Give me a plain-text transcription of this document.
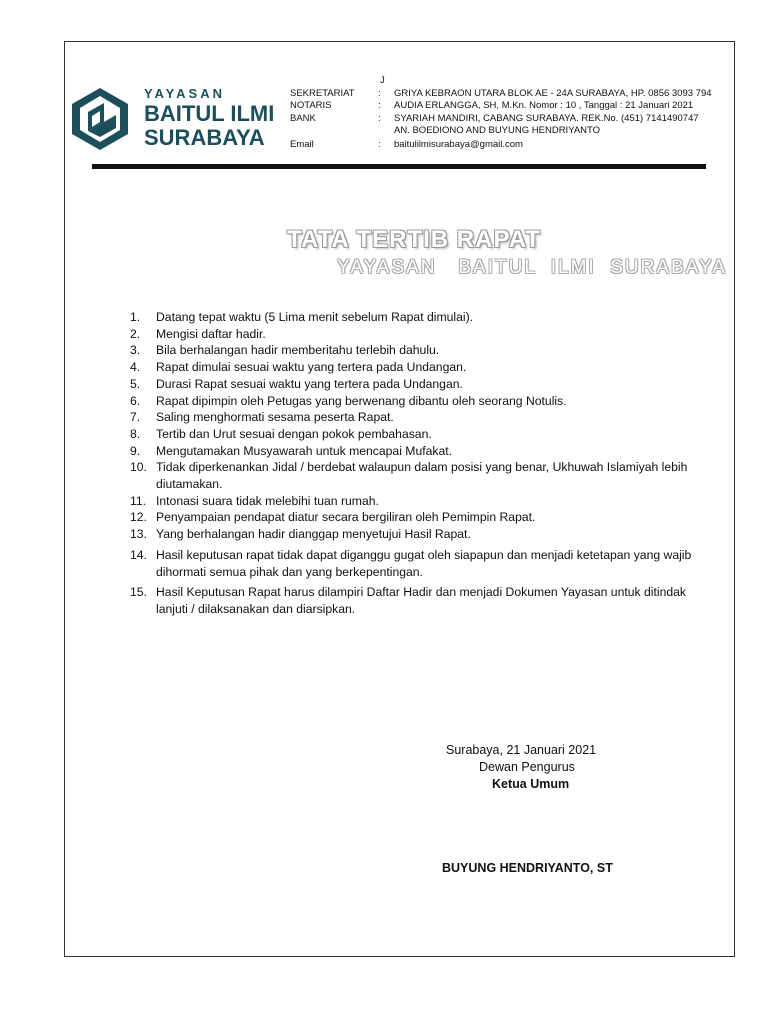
YAYASAN
BAITUL ILMI
SURABAYA
J
SEKRETARIAT : GRIYA KEBRAON UTARA BLOK AE - 24A SURABAYA, HP. 0856 3093 794
NOTARIS	: AUDIA ERLANGGA, SH, M.Kn. Nomor : 10 , Tanggal : 21 Januari 2021
BANK	: SYARIAH MANDIRI, CABANG SURABAYA. REK.No. (451) 7141490747
AN. BOEDIONO AND BUYUNG HENDRIYANTO
Email	: baitulilmisurabaya@gmail.com
TATA TERTIB RAPAT
YAYASAN   BAITUL  ILMI  SURABAYA
1.	Datang tepat waktu (5 Lima menit sebelum Rapat dimulai).
2.	Mengisi daftar hadir.
3.	Bila berhalangan hadir memberitahu terlebih dahulu.
4.	Rapat dimulai sesuai waktu yang tertera pada Undangan.
5.	Durasi Rapat sesuai waktu yang tertera pada Undangan.
6.	Rapat dipimpin oleh Petugas yang berwenang dibantu oleh seorang Notulis.
7.	Saling menghormati sesama peserta Rapat.
8.	Tertib dan Urut sesuai dengan pokok pembahasan.
9.	Mengutamakan Musyawarah untuk mencapai Mufakat.
10. Tidak diperkenankan Jidal / berdebat walaupun dalam posisi yang benar, Ukhuwah Islamiyah lebih diutamakan.
11. Intonasi suara tidak melebihi tuan rumah.
12. Penyampaian pendapat diatur secara bergiliran oleh Pemimpin Rapat.
13. Yang berhalangan hadir dianggap menyetujui Hasil Rapat.
14. Hasil keputusan rapat tidak dapat diganggu gugat oleh siapapun dan menjadi ketetapan yang wajib dihormati semua pihak dan yang berkepentingan.
15. Hasil Keputusan Rapat harus dilampiri Daftar Hadir dan menjadi Dokumen Yayasan untuk ditindak lanjuti / dilaksanakan dan diarsipkan.
Surabaya, 21 Januari 2021
Dewan Pengurus
Ketua Umum
BUYUNG HENDRIYANTO, ST
